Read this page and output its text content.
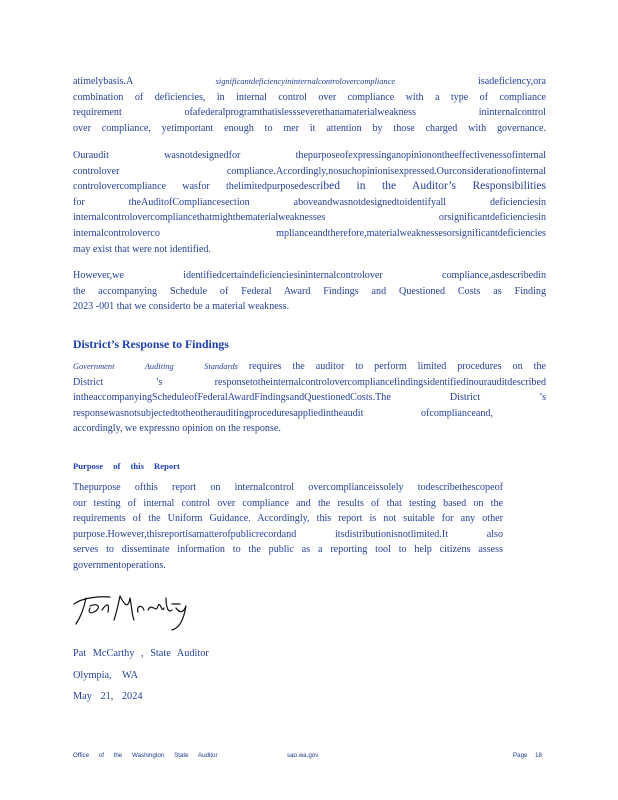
atimelybasis.A	significantdeficiencyininternalcontrolovercompliance	isadeficiency,ora
combination of deficiencies, in internal control over compliance with a type of compliance
requirement ofafederalprogramthatislessseverethanamaterialweakness ininternalcontrol
over compliance, yetimportant enough to mer it attention by those charged with governance.

Ouraudit wasnotdesignedfor thepurposeofexpressinganopiniononthe​effectivenessofinternal
controlover compliance.Accordingly,nosuchopinionisexpressed.Ourconsiderationofinternal
controlovercompliance wasfor thelimitedpurposedescribed in the Auditor’s Responsibilities
for theAuditofCompliancesection aboveandwasnotdesignedtoidentifyall deficienciesin
internalcontrolovercompliancethatmightbematerialweaknesses orsignificantdeficienciesin
internalcontroloverco mplianceandtherefore,materialweaknessesorsignificantdeficiencies
may exist that were not identified.

However,we identifiedcertaindeficienciesininternalcontrolover compliance,asdescribedin
the accompanying Schedule of Federal Award Findings and Questioned Costs as Finding
2023 -001 that we considerto be a material weakness.

District’s Response to Findings

Government Auditing Standards requires the auditor to perform limited procedures on the
District ’s responsetotheinternalcontrolovercompliancefindingsidentifiedinourauditdescribed
intheaccompanyingScheduleofFederalAwardFindingsandQuestionedCosts.The District ’s
responsewasnotsubjectedtotheotherauditingproceduresappliedintheaudit ofcomplianceand,
accordingly, we expressno opinion on the response.

Purpose of this Report

Thepurpose ofthis report on internalcontrol overcomplianceissolely todescribethescopeof
our testing of internal control over compliance and the results of that testing based on the
requirements of the Uniform Guidance. Accordingly, this report is not suitable for any other
purpose.However,thisreportisamatterofpublicrecordand itsdistributionisnotlimited.It also
serves to disseminate information to the public as a reporting tool to help citizens assess
governmentoperations.

Pat McCarthy , State Auditor
Olympia, WA
May 21, 2024
Office of the Washington State Auditor	sao.wa.gov	Page 18
